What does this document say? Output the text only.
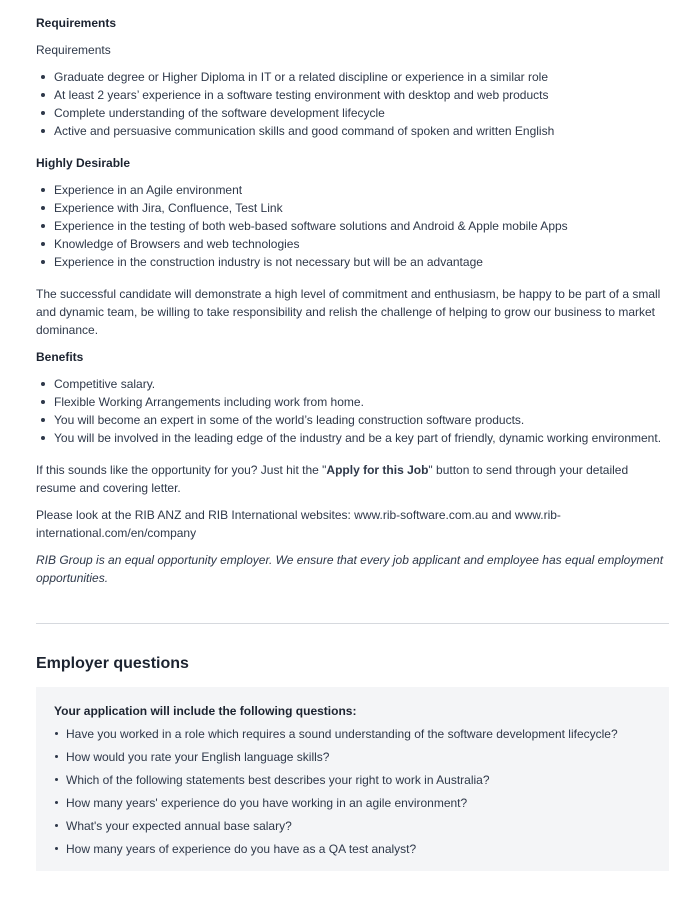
Requirements

Requirements

Graduate degree or Higher Diploma in IT or a related discipline or experience in a similar role
At least 2 years’ experience in a software testing environment with desktop and web products
Complete understanding of the software development lifecycle
Active and persuasive communication skills and good command of spoken and written English
Highly Desirable
Experience in an Agile environment
Experience with Jira, Confluence, Test Link
Experience in the testing of both web-based software solutions and Android & Apple mobile Apps
Knowledge of Browsers and web technologies
Experience in the construction industry is not necessary but will be an advantage

The successful candidate will demonstrate a high level of commitment and enthusiasm, be happy to be part of a small and dynamic team, be willing to take responsibility and relish the challenge of helping to grow our business to market dominance.

Benefits
Competitive salary.
Flexible Working Arrangements including work from home.
You will become an expert in some of the world’s leading construction software products.
You will be involved in the leading edge of the industry and be a key part of friendly, dynamic working environment.

If this sounds like the opportunity for you? Just hit the "Apply for this Job" button to send through your detailed resume and covering letter.

Please look at the RIB ANZ and RIB International websites: www.rib-software.com.au and www.rib-international.com/en/company

RIB Group is an equal opportunity employer. We ensure that every job applicant and employee has equal employment opportunities.

Employer questions
Your application will include the following questions:
Have you worked in a role which requires a sound understanding of the software development lifecycle?
How would you rate your English language skills?
Which of the following statements best describes your right to work in Australia?
How many years' experience do you have working in an agile environment?
What's your expected annual base salary?
How many years of experience do you have as a QA test analyst?
